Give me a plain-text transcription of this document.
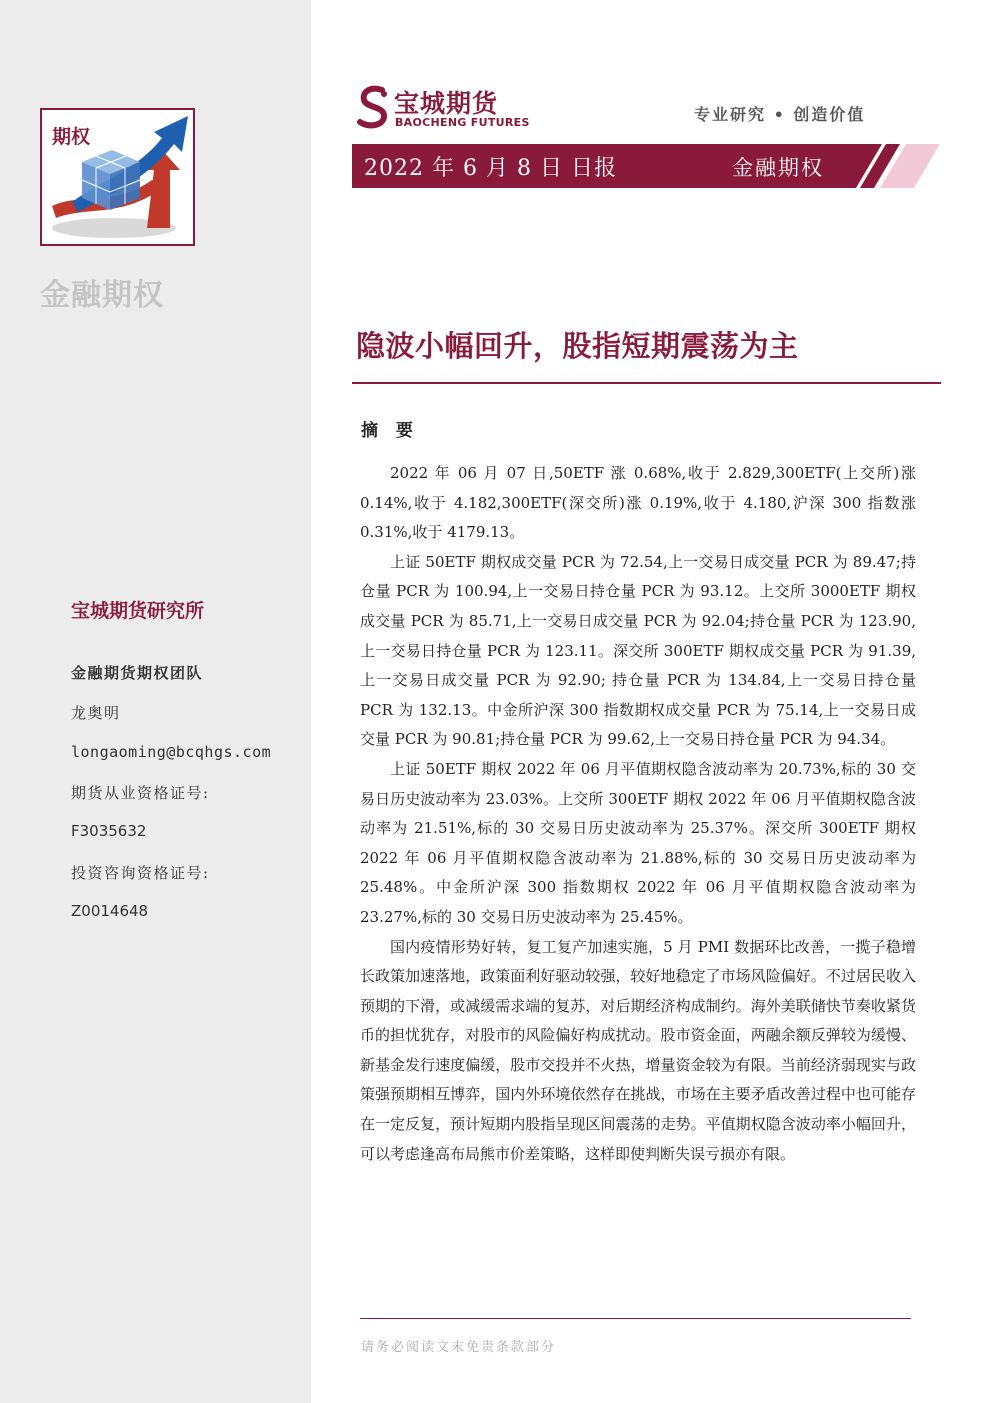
期权
金融期权
宝城期货研究所
金融期货期权团队
龙奥明
longaoming@bcqhgs.com
期货从业资格证号:
F3035632
投资咨询资格证号:
Z0014648
宝城期货
BAOCHENG FUTURES	专业研究 • 创造价值
2022 年 6 月 8 日 日报	金融期权
隐波小幅回升，股指短期震荡为主
摘 要

2022 年 06 月 07 日,50ETF 涨 0.68%,收于 2.829,300ETF(上交所)涨 0.14%,收于 4.182,300ETF(深交所)涨 0.19%,收于 4.180,沪深 300 指数涨 0.31%,收于 4179.13。

上证 50ETF 期权成交量 PCR 为 72.54,上一交易日成交量 PCR 为 89.47;持仓量 PCR 为 100.94,上一交易日持仓量 PCR 为 93.12。上交所 3000ETF 期权成交量 PCR 为 85.71,上一交易日成交量 PCR 为 92.04;持仓量 PCR 为 123.90,上一交易日持仓量 PCR 为 123.11。深交所 300ETF 期权成交量 PCR 为 91.39,上一交易日成交量 PCR 为 92.90; 持仓量 PCR 为 134.84,上一交易日持仓量 PCR 为 132.13。中金所沪深 300 指数期权成交量 PCR 为 75.14,上一交易日成交量 PCR 为 90.81;持仓量 PCR 为 99.62,上一交易日持仓量 PCR 为 94.34。

上证 50ETF 期权 2022 年 06 月平值期权隐含波动率为 20.73%,标的 30 交易日历史波动率为 23.03%。上交所 300ETF 期权 2022 年 06 月平值期权隐含波动率为 21.51%,标的 30 交易日历史波动率为 25.37%。深交所 300ETF 期权 2022 年 06 月平值期权隐含波动率为 21.88%,标的 30 交易日历史波动率为 25.48%。中金所沪深 300 指数期权 2022 年 06 月平值期权隐含波动率为 23.27%,标的 30 交易日历史波动率为 25.45%。

国内疫情形势好转，复工复产加速实施，5 月 PMI 数据环比改善，一揽子稳增长政策加速落地，政策面利好驱动较强，较好地稳定了市场风险偏好。不过居民收入预期的下滑，或减缓需求端的复苏，对后期经济构成制约。海外美联储快节奏收紧货币的担忧犹存，对股市的风险偏好构成扰动。股市资金面，两融余额反弹较为缓慢、新基金发行速度偏缓，股市交投并不火热，增量资金较为有限。当前经济弱现实与政策强预期相互博弈，国内外环境依然存在挑战，市场在主要矛盾改善过程中也可能存在一定反复，预计短期内股指呈现区间震荡的走势。平值期权隐含波动率小幅回升，可以考虑逢高布局熊市价差策略，这样即使判断失误亏损亦有限。

请务必阅读文末免责条款部分
